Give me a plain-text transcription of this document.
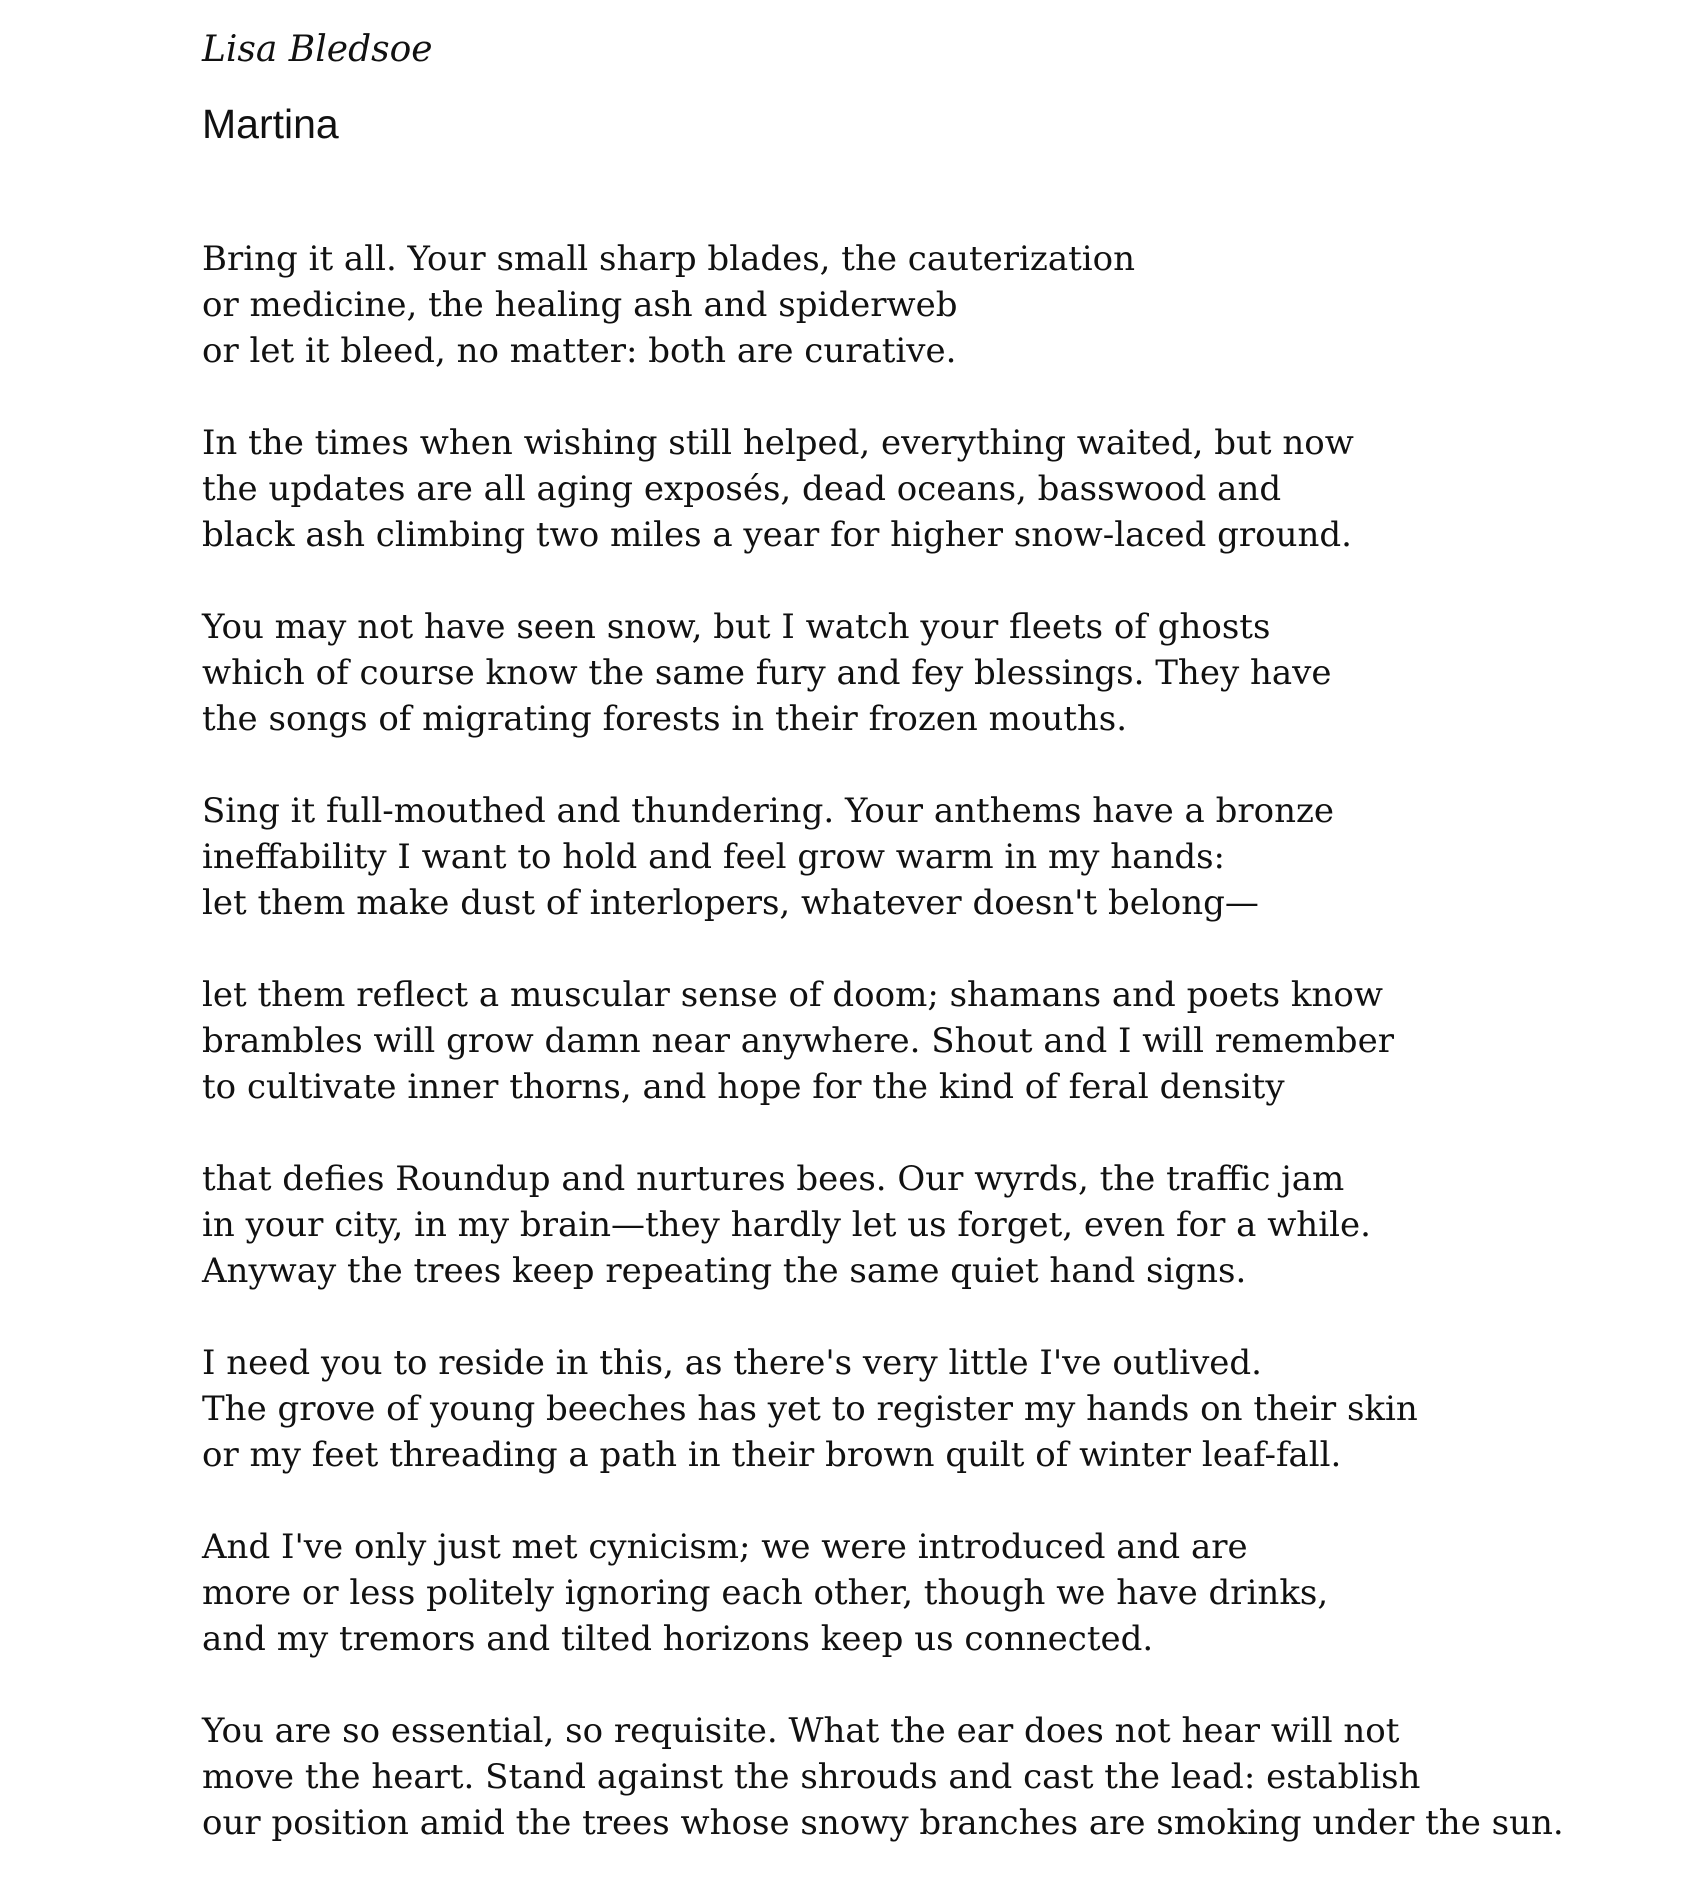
Lisa Bledsoe
Martina
Bring it all. Your small sharp blades, the cauterization
or medicine, the healing ash and spiderweb
or let it bleed, no matter: both are curative.
In the times when wishing still helped, everything waited, but now
the updates are all aging exposés, dead oceans, basswood and
black ash climbing two miles a year for higher snow-laced ground.
You may not have seen snow, but I watch your fleets of ghosts
which of course know the same fury and fey blessings. They have
the songs of migrating forests in their frozen mouths.
Sing it full-mouthed and thundering. Your anthems have a bronze
ineffability I want to hold and feel grow warm in my hands:
let them make dust of interlopers, whatever doesn't belong—
let them reflect a muscular sense of doom; shamans and poets know
brambles will grow damn near anywhere. Shout and I will remember
to cultivate inner thorns, and hope for the kind of feral density
that defies Roundup and nurtures bees. Our wyrds, the traffic jam
in your city, in my brain—they hardly let us forget, even for a while.
Anyway the trees keep repeating the same quiet hand signs.
I need you to reside in this, as there's very little I've outlived.
The grove of young beeches has yet to register my hands on their skin
or my feet threading a path in their brown quilt of winter leaf-fall.
And I've only just met cynicism; we were introduced and are
more or less politely ignoring each other, though we have drinks,
and my tremors and tilted horizons keep us connected.
You are so essential, so requisite. What the ear does not hear will not
move the heart. Stand against the shrouds and cast the lead: establish
our position amid the trees whose snowy branches are smoking under the sun.
